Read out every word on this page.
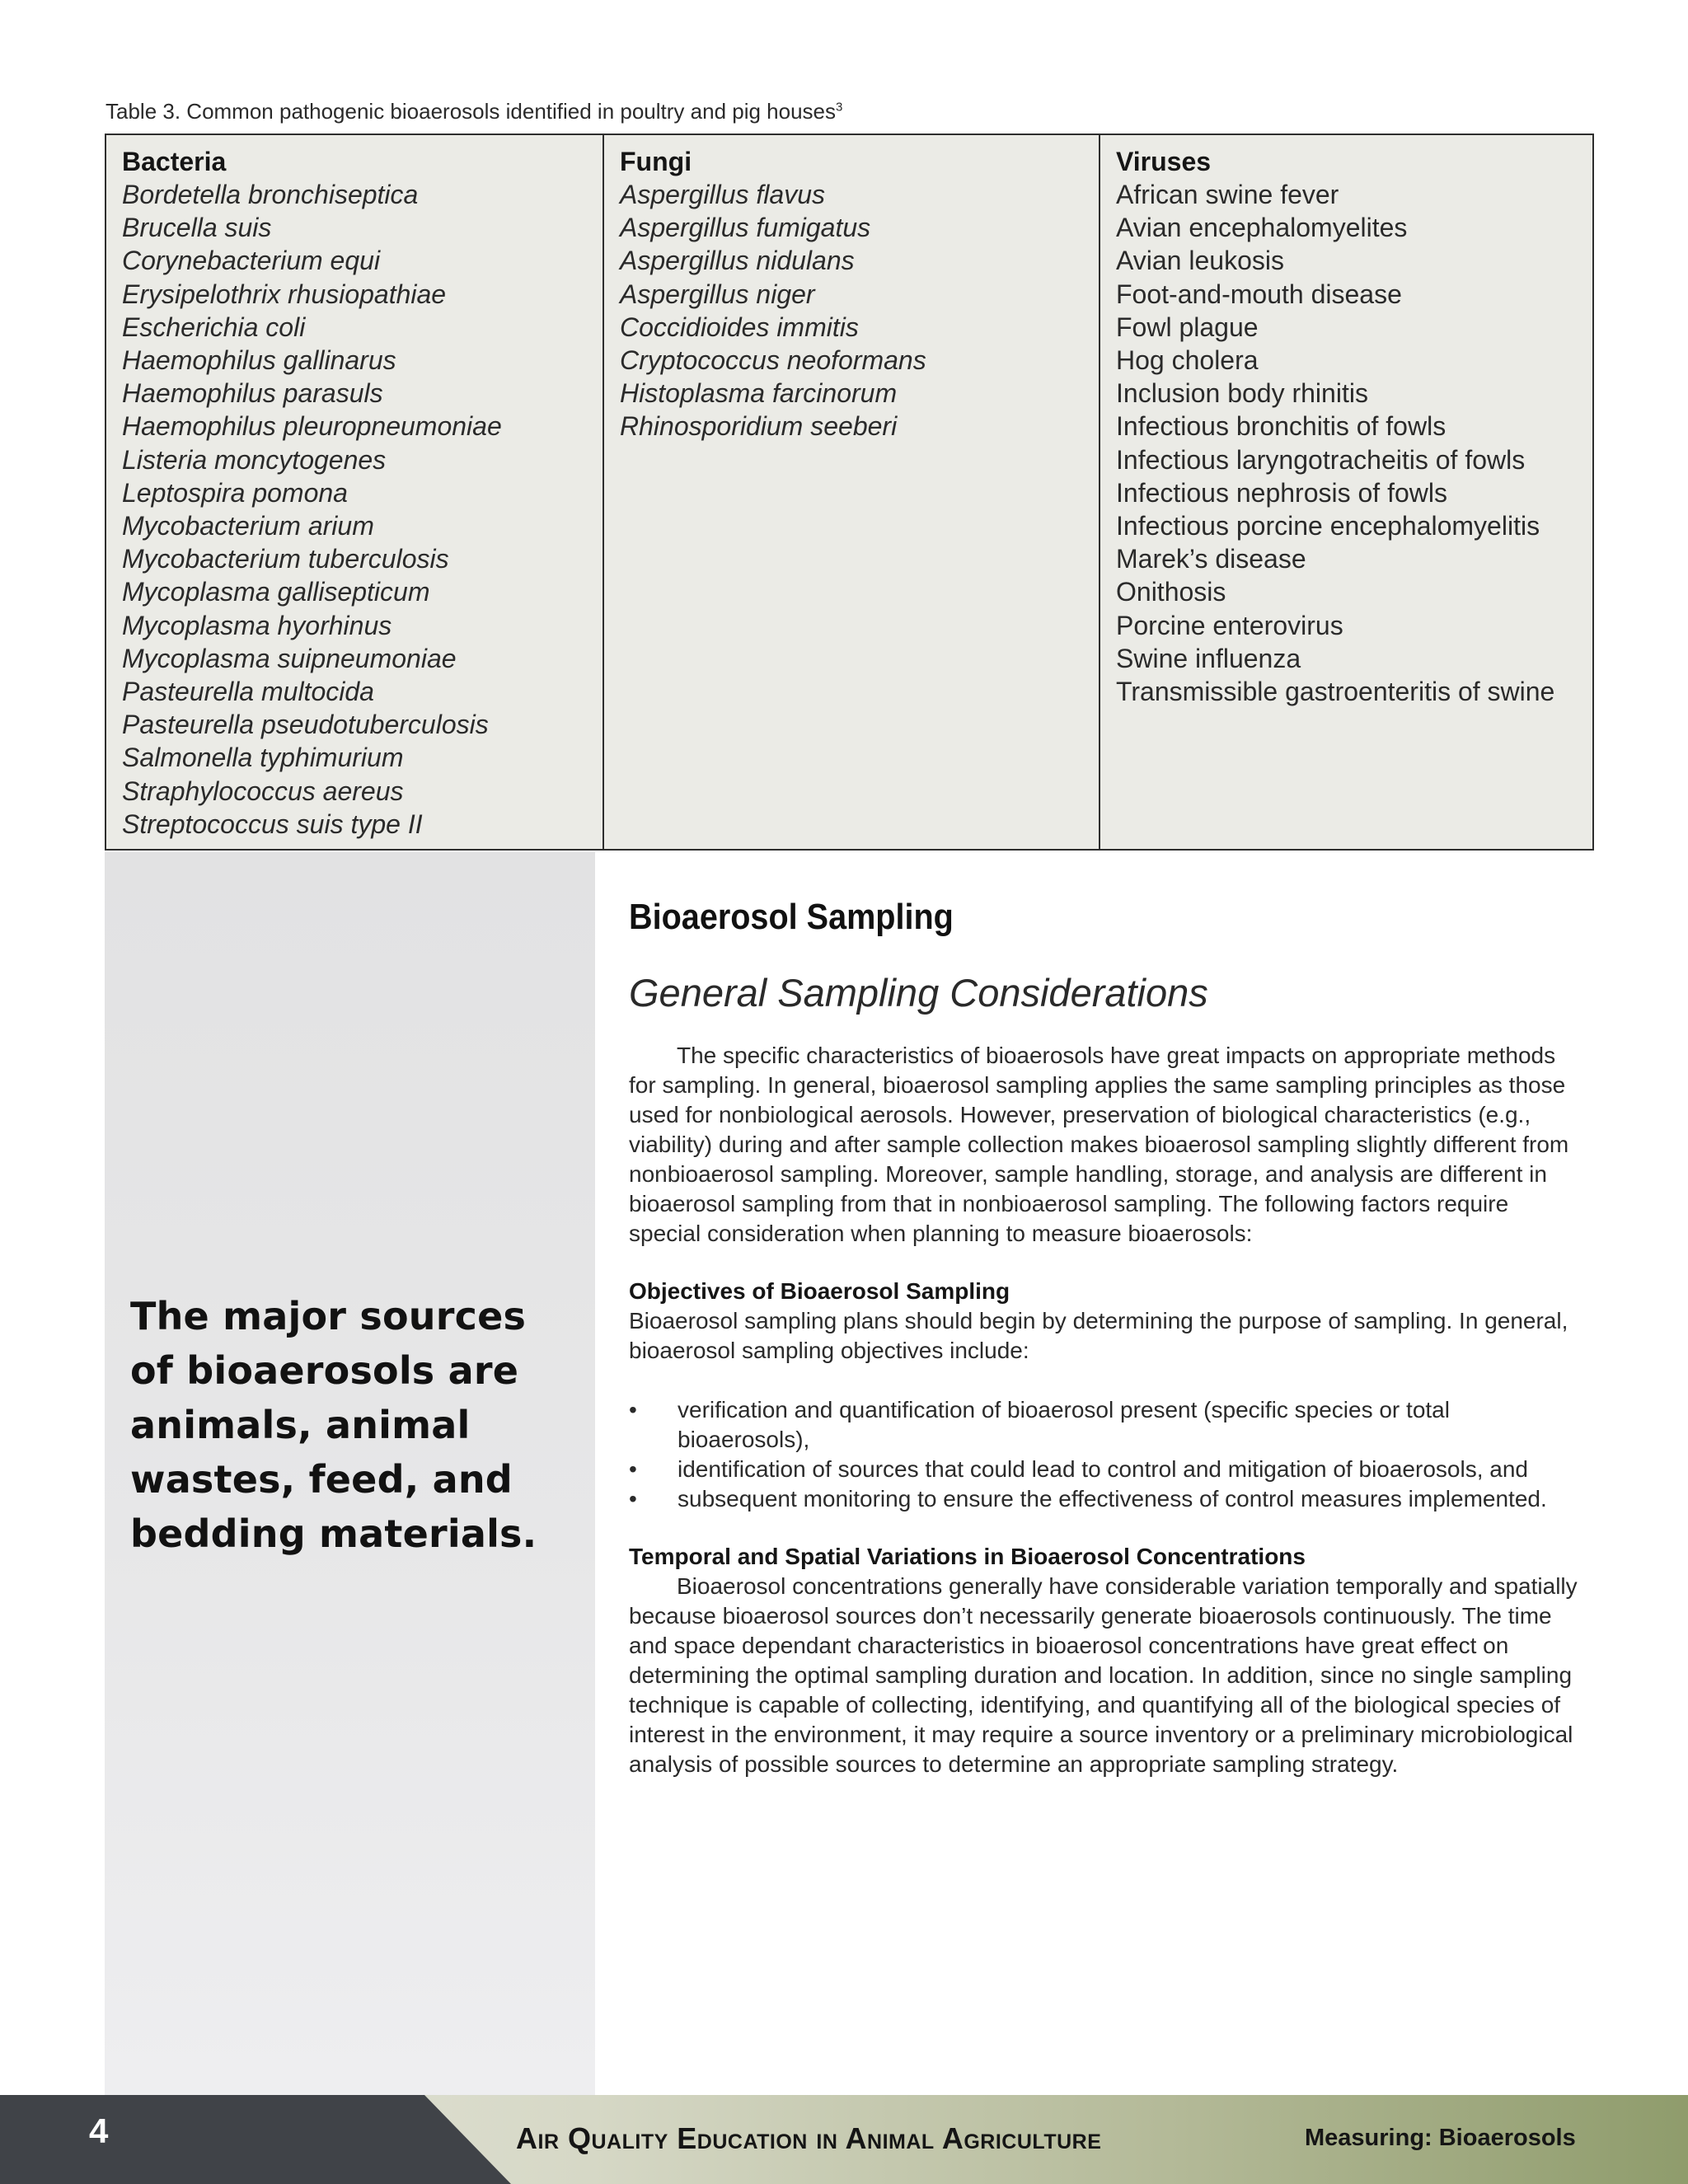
Table 3. Common pathogenic bioaerosols identified in poultry and pig houses$^3$
Bacteria
Bordetella bronchiseptica
Brucella suis
Corynebacterium equi
Erysipelothrix rhusiopathiae
Escherichia coli
Haemophilus gallinarus
Haemophilus parasuls
Haemophilus pleuropneumoniae
Listeria moncytogenes
Leptospira pomona
Mycobacterium arium
Mycobacterium tuberculosis
Mycoplasma gallisepticum
Mycoplasma hyorhinus
Mycoplasma suipneumoniae
Pasteurella multocida
Pasteurella pseudotuberculosis
Salmonella typhimurium
Straphylococcus aereus
Streptococcus suis type II
Fungi
Aspergillus flavus
Aspergillus fumigatus
Aspergillus nidulans
Aspergillus niger
Coccidioides immitis
Cryptococcus neoformans
Histoplasma farcinorum
Rhinosporidium seeberi
Viruses
African swine fever
Avian encephalomyelites
Avian leukosis
Foot-and-mouth disease
Fowl plague
Hog cholera
Inclusion body rhinitis
Infectious bronchitis of fowls
Infectious laryngotracheitis of fowls
Infectious nephrosis of fowls
Infectious porcine encephalomyelitis
Marek’s disease
Onithosis
Porcine enterovirus
Swine influenza
Transmissible gastroenteritis of swine
The major sources of bioaerosols are animals, animal wastes, feed, and bedding materials.
Bioaerosol Sampling
General Sampling Considerations

The specific characteristics of bioaerosols have great impacts on appropriate methods for sampling. In general, bioaerosol sampling applies the same sampling principles as those used for nonbiological aerosols. However, preservation of biological characteristics (e.g., viability) during and after sample collection makes bioaerosol sampling slightly different from nonbioaerosol sampling. Moreover, sample handling, storage, and analysis are different in bioaerosol sampling from that in nonbioaerosol sampling. The following factors require special consideration when planning to measure bioaerosols:

Objectives of Bioaerosol Sampling

Bioaerosol sampling plans should begin by determining the purpose of sampling. In general, bioaerosol sampling objectives include:

• verification and quantification of bioaerosol present (specific species or total bioaerosols),
• identification of sources that could lead to control and mitigation of bioaerosols, and
• subsequent monitoring to ensure the effectiveness of control measures implemented.

Temporal and Spatial Variations in Bioaerosol Concentrations

Bioaerosol concentrations generally have considerable variation temporally and spatially because bioaerosol sources don’t necessarily generate bioaerosols continuously. The time and space dependant characteristics in bioaerosol concentrations have great effect on determining the optimal sampling duration and location. In addition, since no single sampling technique is capable of collecting, identifying, and quantifying all of the biological species of interest in the environment, it may require a source inventory or a preliminary microbiological analysis of possible sources to determine an appropriate sampling strategy.

4	Air Quality Education in Animal Agriculture	Measuring: Bioaerosols
